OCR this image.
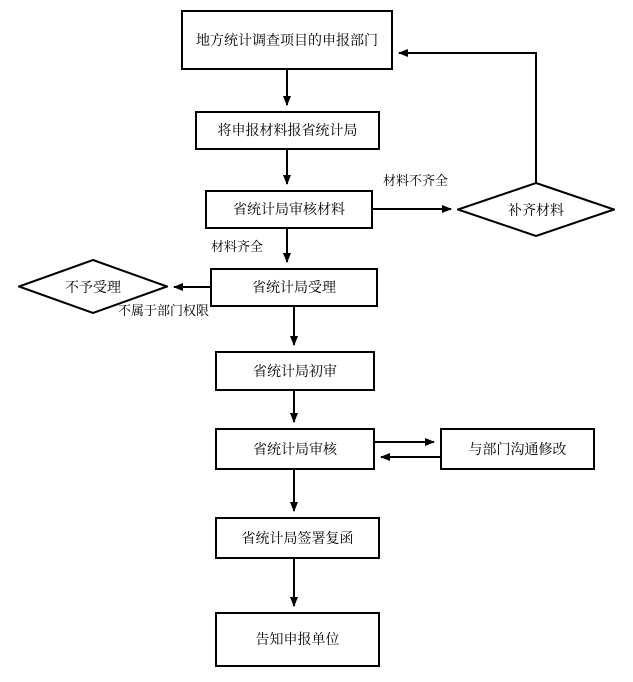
地方统计调查项目的申报部门
将申报材料报省统计局
省统计局审核材料	补齐材料
省统计局受理
不予受理
省统计局初审
省统计局审核	与部门沟通修改
省统计局签署复函
告知申报单位
材料不齐全
材料齐全
不属于部门权限
